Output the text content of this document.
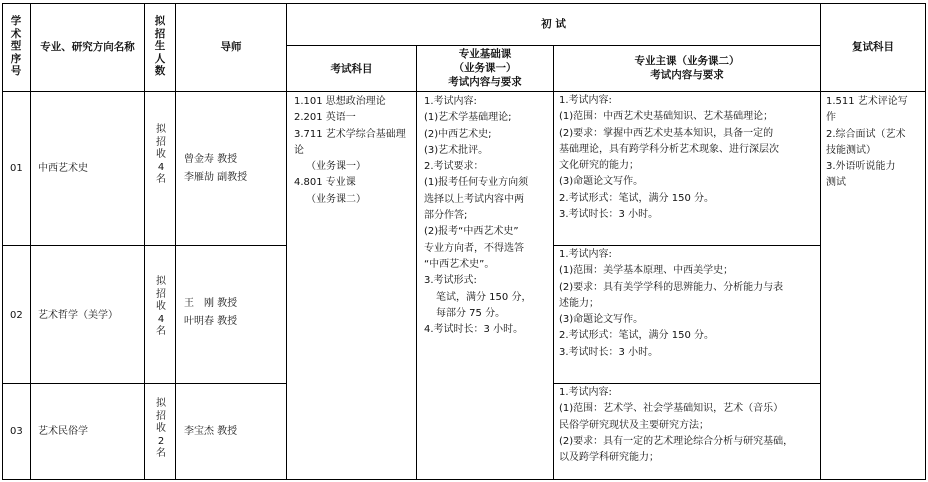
学术型序号
专业、研究方向名称
拟招生人数
导师
初 试
考试科目
专业基础课
（业务课一）
考试内容与要求
专业主课（业务课二）
考试内容与要求
复试科目
01 中西艺术史
拟招收4名
曾金寿 教授
李雁劼 副教授
1.考试内容:
(1)范围：中西艺术史基础知识、艺术基础理论；
(2)要求：掌握中西艺术史基本知识，具备一定的
基础理论，具有跨学科分析艺术现象、进行深层次
文化研究的能力；
(3)命题论文写作。
2.考试形式：笔试，满分 150 分。
3.考试时长：3 小时。
02 艺术哲学（美学）
拟招收4名
王　刚 教授
叶明春 教授
1.考试内容:
(1)范围：美学基本原理、中西美学史；
(2)要求：具有美学学科的思辨能力、分析能力与表
述能力；
(3)命题论文写作。
2.考试形式：笔试，满分 150 分。
3.考试时长：3 小时。
03 艺术民俗学
拟招收2名
李宝杰 教授
1.考试内容:
(1)范围：艺术学、社会学基础知识，艺术（音乐）
民俗学研究现状及主要研究方法；
(2)要求：具有一定的艺术理论综合分析与研究基础，
以及跨学科研究能力；
1.101 思想政治理论
2.201 英语一
3.711 艺术学综合基础理
论
（业务课一）
4.801 专业课
（业务课二）
1.考试内容:
(1)艺术学基础理论;
(2)中西艺术史;
(3)艺术批评。
2.考试要求：
(1)报考任何专业方向须
选择以上考试内容中两
部分作答;
(2)报考“中西艺术史”
专业方向者，不得选答
“中西艺术史”。
3.考试形式:
笔试，满分 150 分，
每部分 75 分。
4.考试时长：3 小时。
1.511 艺术评论写
作
2.综合面试（艺术
技能测试）
3.外语听说能力
测试
